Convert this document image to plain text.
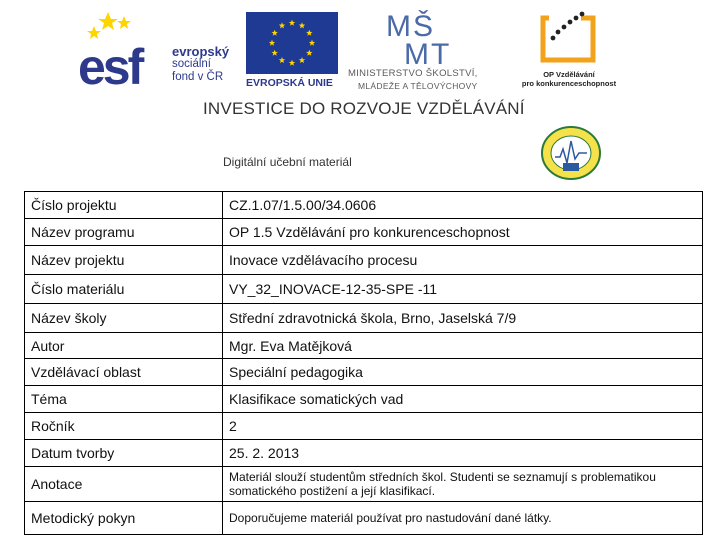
esf evropský
sociální
fond v ČR	EVROPSKÁ UNIE
MŠ
MT
MINISTERSTVO ŠKOLSTVÍ,
MLÁDEŽE A TĚLOVÝCHOVY
OP Vzdělávání
pro konkurenceschopnost
INVESTICE DO ROZVOJE VZDĚLÁVÁNÍ
Digitální učební materiál
Číslo projektu	CZ.1.07/1.5.00/34.0606
Název programu	OP 1.5 Vzdělávání pro konkurenceschopnost
Název projektu	Inovace vzdělávacího procesu
Číslo materiálu	VY_32_INOVACE-12-35-SPE -11
Název školy	Střední zdravotnická škola, Brno, Jaselská 7/9
Autor	Mgr. Eva Matějková
Vzdělávací oblast	Speciální pedagogika
Téma	Klasifikace somatických vad
Ročník	2
Datum tvorby	25. 2. 2013
Anotace	Materiál slouží studentům středních škol. Studenti se seznamují s problematikou somatického postižení a její klasifikací.
Metodický pokyn	Doporučujeme materiál používat pro nastudování dané látky.
